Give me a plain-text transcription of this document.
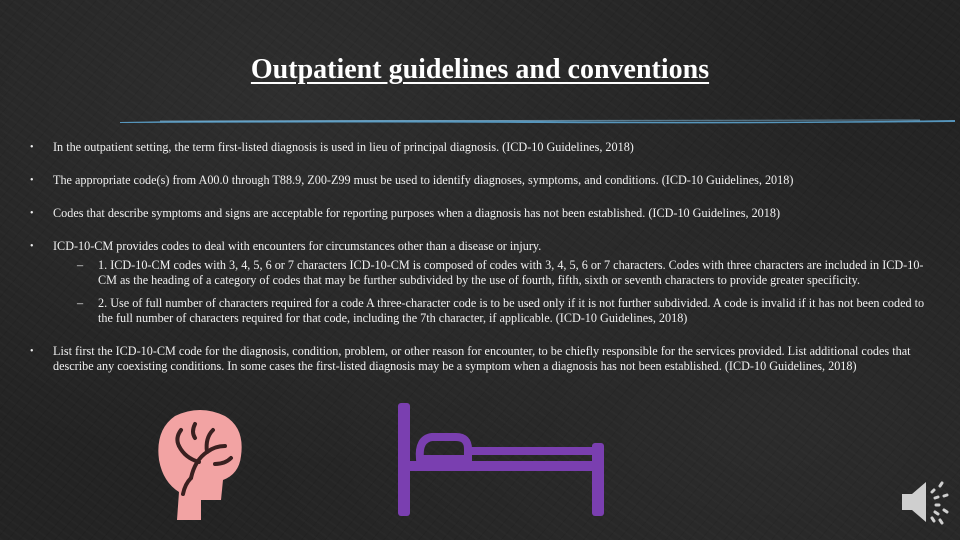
Outpatient guidelines and conventions
• In the outpatient setting, the term first-listed diagnosis is used in lieu of principal diagnosis. (ICD-10 Guidelines, 2018)
• The appropriate code(s) from A00.0 through T88.9, Z00-Z99 must be used to identify diagnoses, symptoms, and conditions. (ICD-10 Guidelines, 2018)
• Codes that describe symptoms and signs are acceptable for reporting purposes when a diagnosis has not been established. (ICD-10 Guidelines, 2018)
• ICD-10-CM provides codes to deal with encounters for circumstances other than a disease or injury.
– 1. ICD-10-CM codes with 3, 4, 5, 6 or 7 characters ICD-10-CM is composed of codes with 3, 4, 5, 6 or 7 characters. Codes with three characters are included in ICD-10-CM as the heading of a category of codes that may be further subdivided by the use of fourth, fifth, sixth or seventh characters to provide greater specificity.
– 2. Use of full number of characters required for a code A three-character code is to be used only if it is not further subdivided. A code is invalid if it has not been coded to the full number of characters required for that code, including the 7th character, if applicable. (ICD-10 Guidelines, 2018)
• List first the ICD-10-CM code for the diagnosis, condition, problem, or other reason for encounter, to be chiefly responsible for the services provided. List additional codes that describe any coexisting conditions. In some cases the first-listed diagnosis may be a symptom when a diagnosis has not been established. (ICD-10 Guidelines, 2018)
